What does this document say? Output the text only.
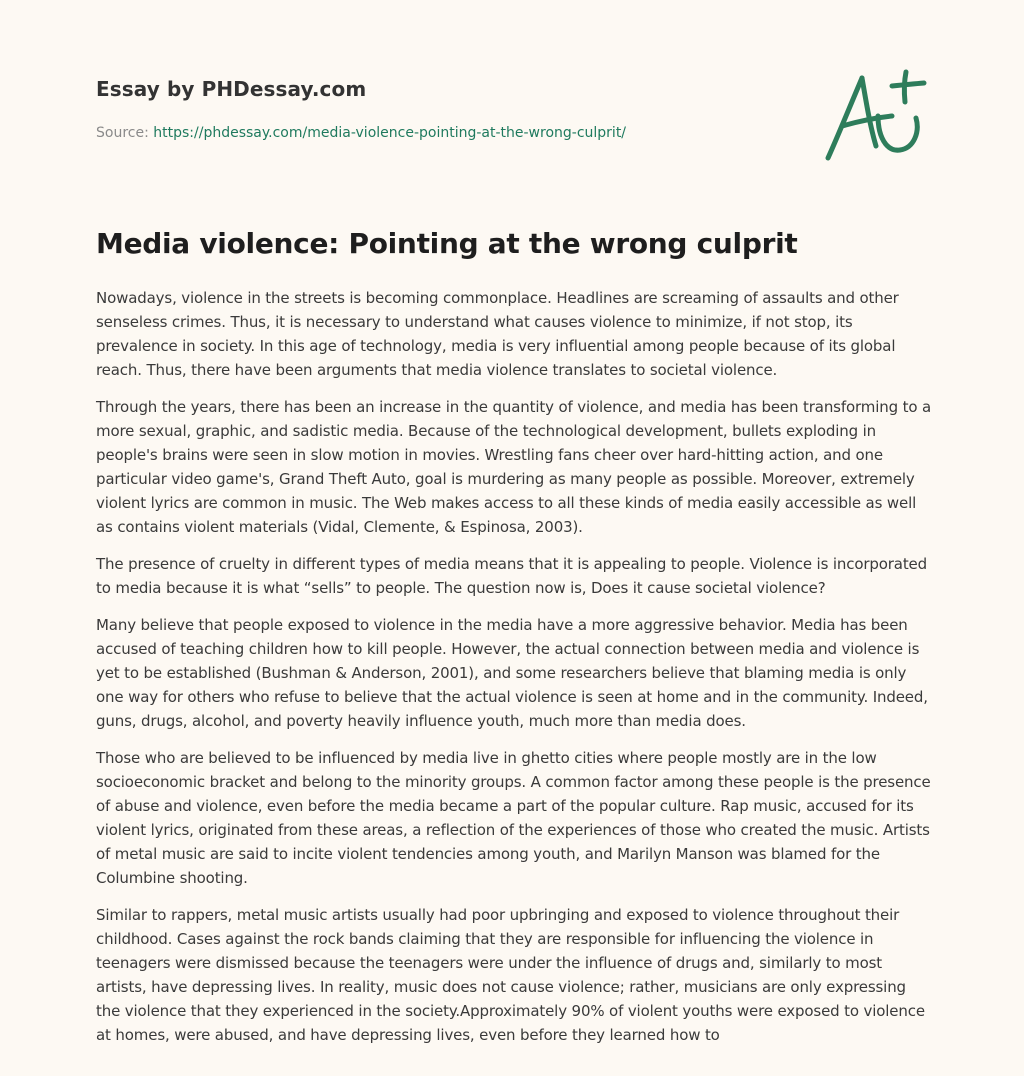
Essay by PHDessay.com
Source: https://phdessay.com/media-violence-pointing-at-the-wrong-culprit/
Media violence: Pointing at the wrong culprit

Nowadays, violence in the streets is becoming commonplace. Headlines are screaming of assaults and other senseless crimes. Thus, it is necessary to understand what causes violence to minimize, if not stop, its prevalence in society. In this age of technology, media is very influential among people because of its global reach. Thus, there have been arguments that media violence translates to societal violence.

Through the years, there has been an increase in the quantity of violence, and media has been transforming to a more sexual, graphic, and sadistic media. Because of the technological development, bullets exploding in people's brains were seen in slow motion in movies. Wrestling fans cheer over hard-hitting action, and one particular video game's, Grand Theft Auto, goal is murdering as many people as possible. Moreover, extremely violent lyrics are common in music. The Web makes access to all these kinds of media easily accessible as well as contains violent materials (Vidal, Clemente, & Espinosa, 2003).

The presence of cruelty in different types of media means that it is appealing to people. Violence is incorporated to media because it is what “sells” to people. The question now is, Does it cause societal violence?

Many believe that people exposed to violence in the media have a more aggressive behavior. Media has been accused of teaching children how to kill people. However, the actual connection between media and violence is yet to be established (Bushman & Anderson, 2001), and some researchers believe that blaming media is only one way for others who refuse to believe that the actual violence is seen at home and in the community. Indeed, guns, drugs, alcohol, and poverty heavily influence youth, much more than media does.

Those who are believed to be influenced by media live in ghetto cities where people mostly are in the low socioeconomic bracket and belong to the minority groups. A common factor among these people is the presence of abuse and violence, even before the media became a part of the popular culture. Rap music, accused for its violent lyrics, originated from these areas, a reflection of the experiences of those who created the music. Artists of metal music are said to incite violent tendencies among youth, and Marilyn Manson was blamed for the Columbine shooting.

Similar to rappers, metal music artists usually had poor upbringing and exposed to violence throughout their childhood. Cases against the rock bands claiming that they are responsible for influencing the violence in teenagers were dismissed because the teenagers were under the influence of drugs and, similarly to most artists, have depressing lives. In reality, music does not cause violence; rather, musicians are only expressing the violence that they experienced in the society.Approximately 90% of violent youths were exposed to violence at homes, were abused, and have depressing lives, even before they learned how to
